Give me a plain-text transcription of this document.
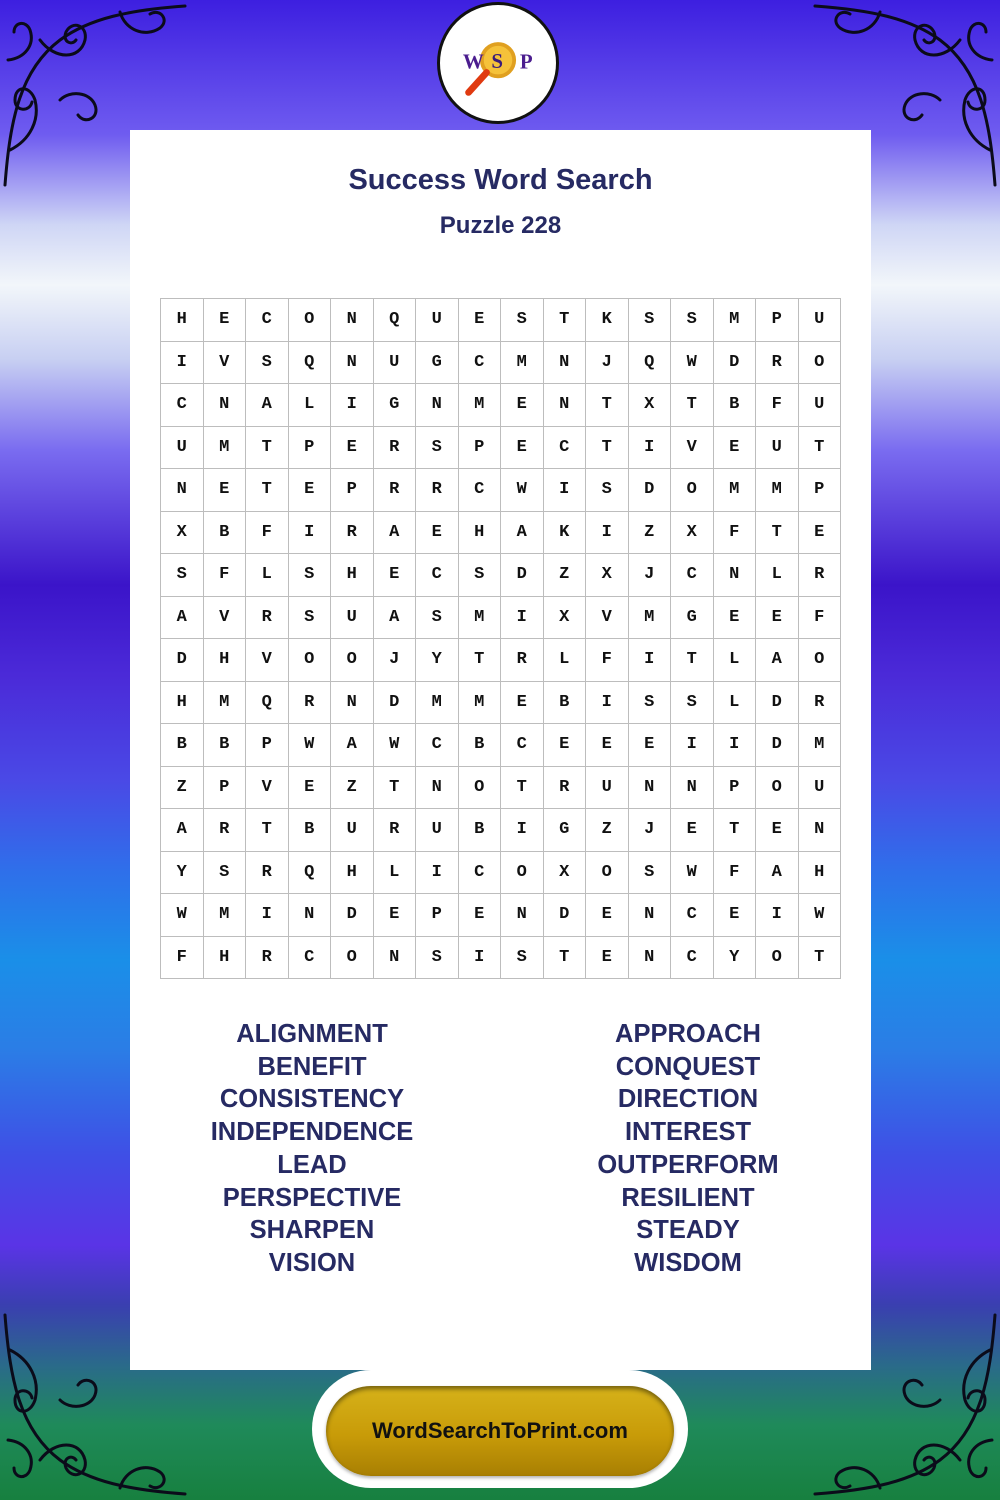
W S P
Success Word Search
Puzzle 228
H	E	C	O	N	Q	U	E	S	T	K	S	S	M	P	U
I	V	S	Q	N	U	G	C	M	N	J	Q	W	D	R	O
C	N	A	L	I	G	N	M	E	N	T	X	T	B	F	U
U	M	T	P	E	R	S	P	E	C	T	I	V	E	U	T
N	E	T	E	P	R	R	C	W	I	S	D	O	M	M	P
X	B	F	I	R	A	E	H	A	K	I	Z	X	F	T	E
S	F	L	S	H	E	C	S	D	Z	X	J	C	N	L	R
A	V	R	S	U	A	S	M	I	X	V	M	G	E	E	F
D	H	V	O	O	J	Y	T	R	L	F	I	T	L	A	O
H	M	Q	R	N	D	M	M	E	B	I	S	S	L	D	R
B	B	P	W	A	W	C	B	C	E	E	E	I	I	D	M
Z	P	V	E	Z	T	N	O	T	R	U	N	N	P	O	U
A	R	T	B	U	R	U	B	I	G	Z	J	E	T	E	N
Y	S	R	Q	H	L	I	C	O	X	O	S	W	F	A	H
W	M	I	N	D	E	P	E	N	D	E	N	C	E	I	W
F	H	R	C	O	N	S	I	S	T	E	N	C	Y	O	T
ALIGNMENT
BENEFIT
CONSISTENCY
INDEPENDENCE
LEAD
PERSPECTIVE
SHARPEN
VISION
APPROACH
CONQUEST
DIRECTION
INTEREST
OUTPERFORM
RESILIENT
STEADY
WISDOM
WordSearchToPrint.com
